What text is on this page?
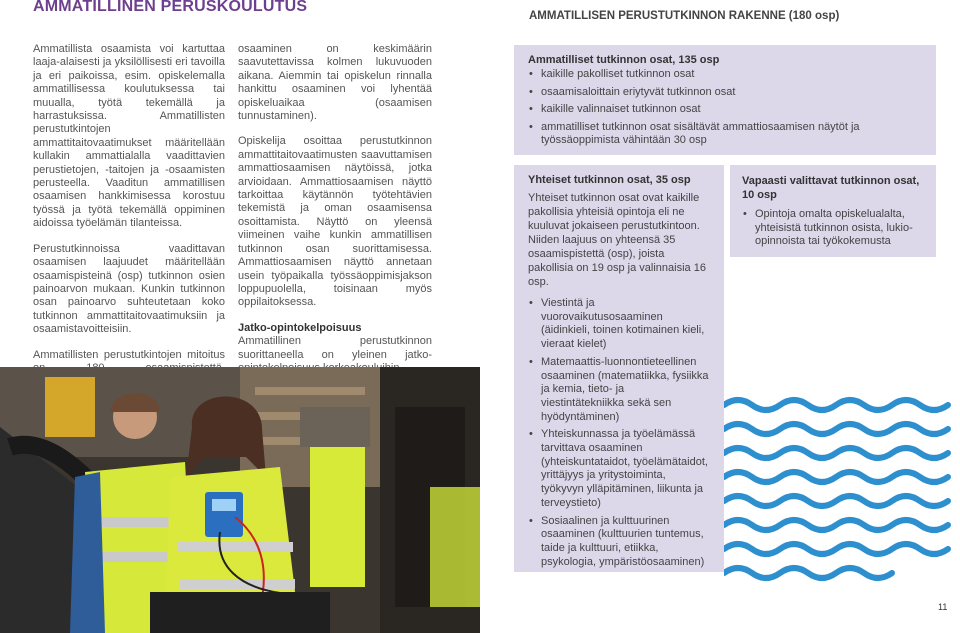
AMMATILLINEN PERUSKOULUTUS
AMMATILLISEN PERUSTUTKINNON RAKENNE (180 osp)

Ammatillista osaamista voi kartuttaa laaja-alaisesti ja yksilöllisesti eri tavoilla ja eri paikoissa, esim. opiskelemalla ammatillisessa koulutuksessa tai muualla, työtä tekemällä ja harrastuksissa. Ammatillisten perustutkintojen ammattitaitovaatimukset määritellään kullakin ammattialalla vaadittavien perustietojen, -taitojen ja -osaamisten perusteella. Vaaditun ammatillisen osaamisen hankkimisessa korostuu työssä ja työtä tekemällä oppiminen aidoissa työelämän tilanteissa.

Perustutkinnoissa vaadittavan osaamisen laajuudet määritellään osaamispisteinä (osp) tutkinnon osien painoarvon mukaan. Kunkin tutkinnon osan painoarvo suhteutetaan koko tutkinnon ammattitaitovaatimuksiin ja osaamistavoitteisiin.

Ammatillisten perustutkintojen mitoitus

osaaminen on keskimäärin saavutettavissa kolmen lukuvuoden aikana. Aiemmin tai opiskelun rinnalla hankittu osaaminen voi lyhentää opiskeluaikaa (osaamisen tunnustaminen).

Opiskelija osoittaa perustutkinnon ammattitaitovaatimusten saavuttamisen ammattiosaamisen näytöissä, jotka arvioidaan. Ammattiosaamisen näyttö tarkoittaa käytännön työtehtävien tekemistä ja oman osaamisensa osoittamista. Näyttö on yleensä viimeinen vaihe kunkin ammatillisen tutkinnon osan suorittamisessa. Ammattiosaamisen näyttö annetaan usein työpaikalla työssäoppimisjakson loppupuolella, toisinaan myös oppilaitoksessa.

Jatko-opintokelpoisuus

Ammatillinen perustutkinnon suorittaneella on yleinen jatko-

Ammatilliset tutkinnon osat, 135 osp
• kaikille pakolliset tutkinnon osat
• osaamisaloittain eriytyvät tutkinnon osat
• kaikille valinnaiset tutkinnon osat
• ammatilliset tutkinnon osat sisältävät ammattiosaamisen näytöt ja työssäoppimista vähintään 30 osp
Yhteiset tutkinnon osat, 35 osp

Yhteiset tutkinnon osat ovat kaikille pakollisia yhteisiä opintoja eli ne kuuluvat jokaiseen perustutkintoon. Niiden laajuus on yhteensä 35 osaamispistettä (osp), joista pakollisia on 19 osp ja valinnaisia 16 osp.

• Viestintä ja vuorovaikutusosaaminen (äidinkieli, toinen kotimainen kieli, vieraat kielet)
• Matemaattis-luonnontieteellinen osaaminen (matematiikka, fysiikka ja kemia, tieto- ja viestintätekniikka sekä sen hyödyntäminen)
• Yhteiskunnassa ja työelämässä tarvittava osaaminen (yhteiskuntataidot, työelämätaidot, yrittäjyys ja yritystoiminta, työkyvyn ylläpitäminen, liikunta ja terveystieto)
• Sosiaalinen ja kulttuurinen osaaminen (kulttuurien tuntemus, taide ja kulttuuri, etiikka, psykologia, ympäristöosaaminen)
Vapaasti valittavat tutkinnon osat, 10 osp
• Opintoja omalta opiskelualalta, yhteisistä tutkinnon osista, lukio-opinnoista tai työkokemusta
11
